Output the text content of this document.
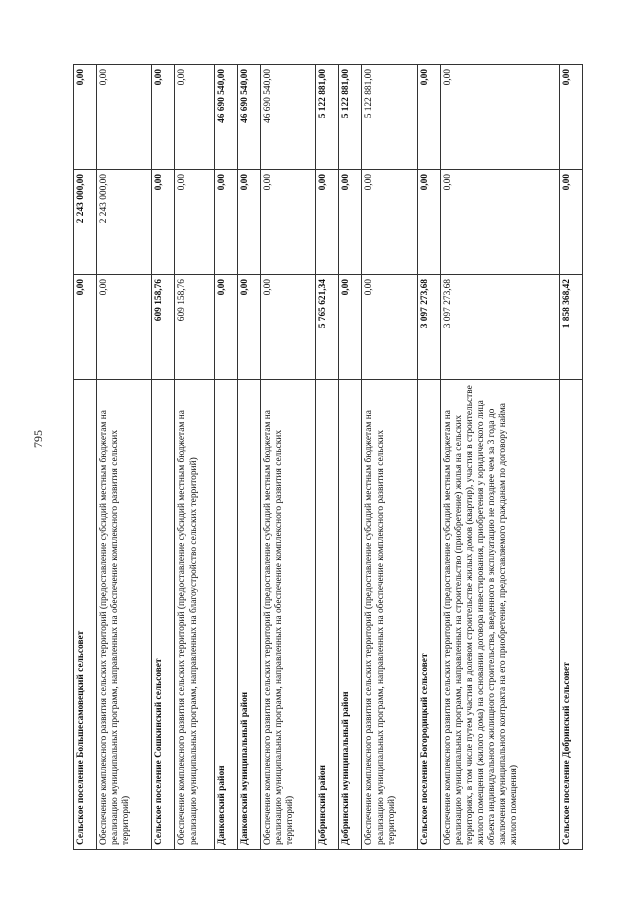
795
Сельское поселение Большесамовецкий сельсовет	0,00	2 243 000,00	0,00
Обеспечение комплексного развития сельских территорий (предоставление субсидий местным бюджетам на реализацию муниципальных программ, направленных на обеспечение комплексного развития сельских территорий)	0,00	2 243 000,00	0,00
Сельское поселение Сошкинский сельсовет	609 158,76	0,00	0,00
Обеспечение комплексного развития сельских территорий (предоставление субсидий местным бюджетам на реализацию муниципальных программ, направленных на благоустройство сельских территорий)	609 158,76	0,00	0,00
Данковский район	0,00	0,00	46 690 540,00
Данковский муниципальный район	0,00	0,00	46 690 540,00
Обеспечение комплексного развития сельских территорий (предоставление субсидий местным бюджетам на реализацию муниципальных программ, направленных на обеспечение комплексного развития сельских территорий)	0,00	0,00	46 690 540,00
Добринский район	5 765 621,34	0,00	5 122 881,00
Добринский муниципальный район	0,00	0,00	5 122 881,00
Обеспечение комплексного развития сельских территорий (предоставление субсидий местным бюджетам на реализацию муниципальных программ, направленных на обеспечение комплексного развития сельских территорий)	0,00	0,00	5 122 881,00
Сельское поселение Богородицкий сельсовет	3 097 273,68	0,00	0,00
Обеспечение комплексного развития сельских территорий (предоставление субсидий местным бюджетам на реализацию муниципальных программ, направленных на строительство (приобретение) жилья на сельских территориях, в том числе путем участия в долевом строительстве жилых домов (квартир), участия в строительстве жилого помещения (жилого дома) на основании договора инвестирования, приобретения у юридического лица объекта индивидуального жилищного строительства, введенного в эксплуатацию не позднее чем за 3 года до заключения муниципального контракта на его приобретение, предоставляемого гражданам по договору найма жилого помещения)	3 097 273,68	0,00	0,00
Сельское поселение Добринский сельсовет	1 858 368,42	0,00	0,00
